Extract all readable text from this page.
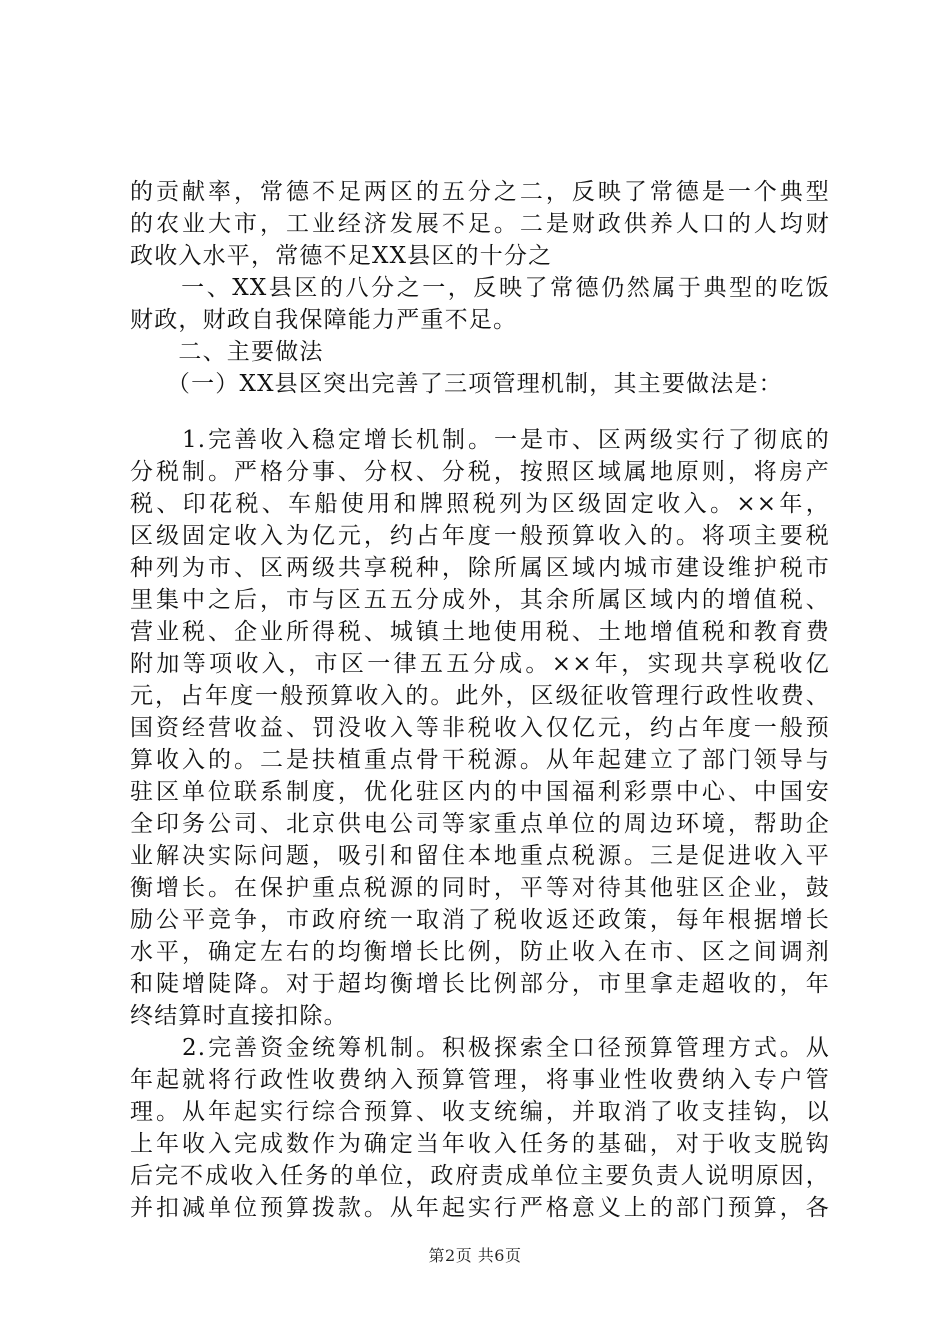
的贡献率，常德不足两区的五分之二，反映了常德是一个典型
的农业大市，工业经济发展不足。二是财政供养人口的人均财
政收入水平，常德不足XX县区的十分之
　　一、XX县区的八分之一，反映了常德仍然属于典型的吃饭
财政，财政自我保障能力严重不足。
　　二、主要做法
　　（一）XX县区突出完善了三项管理机制，其主要做法是：
　　1.完善收入稳定增长机制。一是市、区两级实行了彻底的
分税制。严格分事、分权、分税，按照区域属地原则，将房产
税、印花税、车船使用和牌照税列为区级固定收入。××年，
区级固定收入为亿元，约占年度一般预算收入的。将项主要税
种列为市、区两级共享税种，除所属区域内城市建设维护税市
里集中之后，市与区五五分成外，其余所属区域内的增值税、
营业税、企业所得税、城镇土地使用税、土地增值税和教育费
附加等项收入，市区一律五五分成。××年，实现共享税收亿
元，占年度一般预算收入的。此外，区级征收管理行政性收费、
国资经营收益、罚没收入等非税收入仅亿元，约占年度一般预
算收入的。二是扶植重点骨干税源。从年起建立了部门领导与
驻区单位联系制度，优化驻区内的中国福利彩票中心、中国安
全印务公司、北京供电公司等家重点单位的周边环境，帮助企
业解决实际问题，吸引和留住本地重点税源。三是促进收入平
衡增长。在保护重点税源的同时，平等对待其他驻区企业，鼓
励公平竞争，市政府统一取消了税收返还政策，每年根据增长
水平，确定左右的均衡增长比例，防止收入在市、区之间调剂
和陡增陡降。对于超均衡增长比例部分，市里拿走超收的，年
终结算时直接扣除。
　　2.完善资金统筹机制。积极探索全口径预算管理方式。从
年起就将行政性收费纳入预算管理，将事业性收费纳入专户管
理。从年起实行综合预算、收支统编，并取消了收支挂钩，以
上年收入完成数作为确定当年收入任务的基础，对于收支脱钩
后完不成收入任务的单位，政府责成单位主要负责人说明原因，
并扣减单位预算拨款。从年起实行严格意义上的部门预算，各
第2页 共6页
